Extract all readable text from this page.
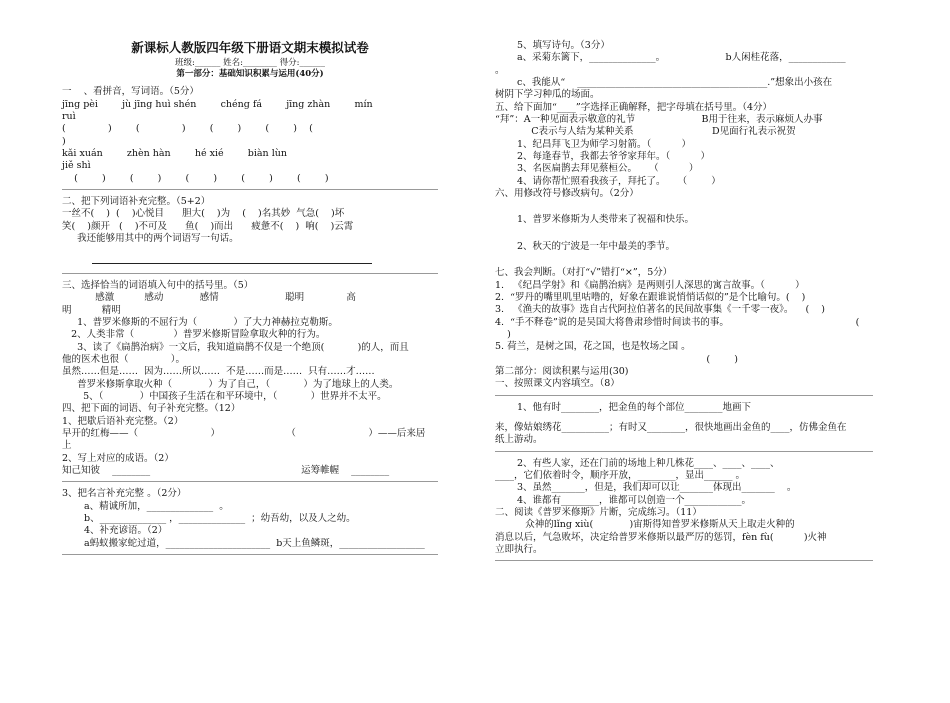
新课标人教版四年级下册语文期末模拟试卷

班级:______ 姓名:________ 得分:______

第一部分：基础知识积累与运用(40分)

一    、看拼音，写词语。（5分）

jīng pèi        jù jīng huì shén        chéng fá        jīng zhàn        mín

ruì

(              )        (              )        (        )        (        )    (

)

kǎi xuán        zhèn hàn        hé xié        biàn lùn

jiě shì

(        )        (        )        (        )        (        )        (        )

二、把下列词语补充完整。（5+2）

一丝不(    )  (    )心悦目      胆大(    )为    (    )名其妙  气急(    )坏

笑(    )颜开   (    )不可及      鱼(    )而出      疲惫不(    )  响(    )云霄

我还能够用其中的两个词语写一句话。

三、选择恰当的词语填入句中的括号里。（5）

感激          感动            感情                      聪明              高

明          精明

1、普罗米修斯的不屈行为（            ）了大力神赫拉克勒斯。

2、人类非常（             ）普罗米修斯冒险拿取火种的行为。

3、读了《扁鹊治病》一文后，我知道扁鹊不仅是一个绝顶(           )的人，而且

他的医术也很（              ）。

虽然……但是……  因为……所以……  不是……而是……  只有……才……

普罗米修斯拿取火种（            ）为了自己，（           ）为了地球上的人类。

5、（            ）中国孩子生活在和平环境中，（           ）世界并不太平。

四、把下面的词语、句子补充完整。（12）

1、把歇后语补充完整。（2）

早开的红梅——（                        ）                      （                        ）——后来居

上

2、写上对应的成语。（2）

知己知彼    ________                                                  运筹帷幄    ________

3、把名言补充完整 。（2分）

a、精诚所加，______________  。

b、______________ ，______________  ；幼吾幼，以及人之幼。

4、补充谚语。（2）

a蚂蚁搬家蛇过道，______________________  b天上鱼鳞斑，__________________

5、填写诗句。（3分）

a、采菊东篱下，______________。                    b人闲桂花落，____________

。

c、我能从“    ________________________________________.”想象出小孩在

树阴下学习种瓜的场面。

五、给下面加“____”字选择正确解释，把字母填在括号里。（4分）

“拜”：A一种见面表示敬意的礼节                      B用于往来，表示麻烦人办事

C表示与人结为某种关系                          D见面行礼表示祝贺

1、纪昌拜飞卫为师学习射箭。（          ）

2、每逢春节，我都去爷爷家拜年。（          ）

3、名医扁鹊去拜见蔡桓公。    （          ）

4、请你帮忙照看我孩子，拜托了。    （        ）

六、用修改符号修改病句。（2分）

1、普罗米修斯为人类带来了祝福和快乐。

2、秋天的宁波是一年中最美的季节。

七、我会判断。（对打“√”错打“×”，5分）

1.   《纪昌学射》和《扁鹊治病》是两则引人深思的寓言故事。（          ）

2.  “罗丹的嘴里叽里咕噜的，好象在跟谁说悄悄话似的”是个比喻句。(    )

3.   《渔夫的故事》选自古代阿拉伯著名的民间故事集《一千零一夜》。    (    )

4.  “手不释卷”说的是吴国大将鲁肃珍惜时间读书的事。                                          (

)

5. 荷兰，是树之国，花之国，也是牧场之国 。

(        )

第二部分：阅读积累与运用(30)

一、按照课文内容填空。（8）

1、他有时________，把金鱼的每个部位________地画下

来，像姑娘绣花__________；有时又________，很快地画出金鱼的____，仿佛金鱼在

纸上游动。

2、有些人家，还在门前的场地上种几株花____、____、____、

____，它们依着时令，顺序开放，________，显出______ 。

3、虽然_______，但是，我们却可以让_______体现出_______    。

4、谁都有________，谁都可以创造一个____________。

二、阅读《普罗米修斯》片断，完成练习。（11）

众神的lǐng xiù(            )宙斯得知普罗米修斯从天上取走火种的

消息以后，气急败坏，决定给普罗米修斯以最严厉的惩罚，fèn fù(          )火神

立即执行。
